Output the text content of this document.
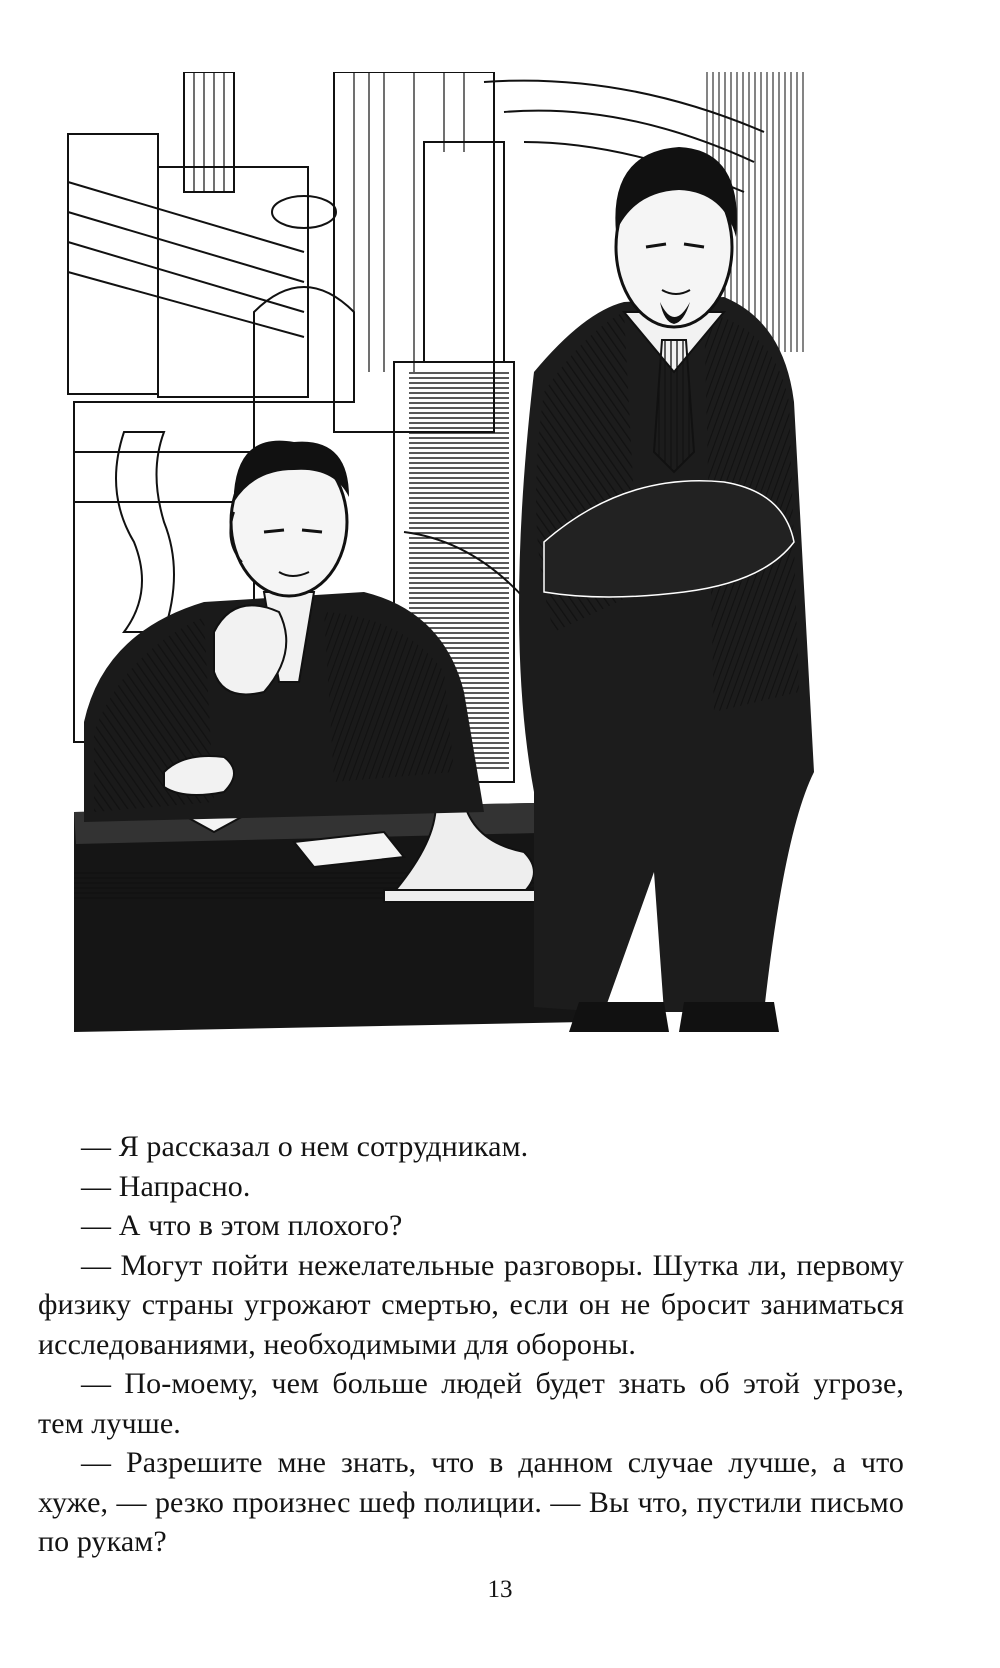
— Я рассказал о нем сотрудникам.

— Напрасно.

— А что в этом плохого?

— Могут пойти нежелательные разговоры. Шутка ли, первому физику страны угрожают смертью, если он не бросит заниматься исследованиями, необходимыми для обороны.

— По-моему, чем больше людей будет знать об этой угрозе, тем лучше.

— Разрешите мне знать, что в данном случае лучше, а что хуже, — резко произнес шеф полиции. — Вы что, пустили письмо по рукам?

13
